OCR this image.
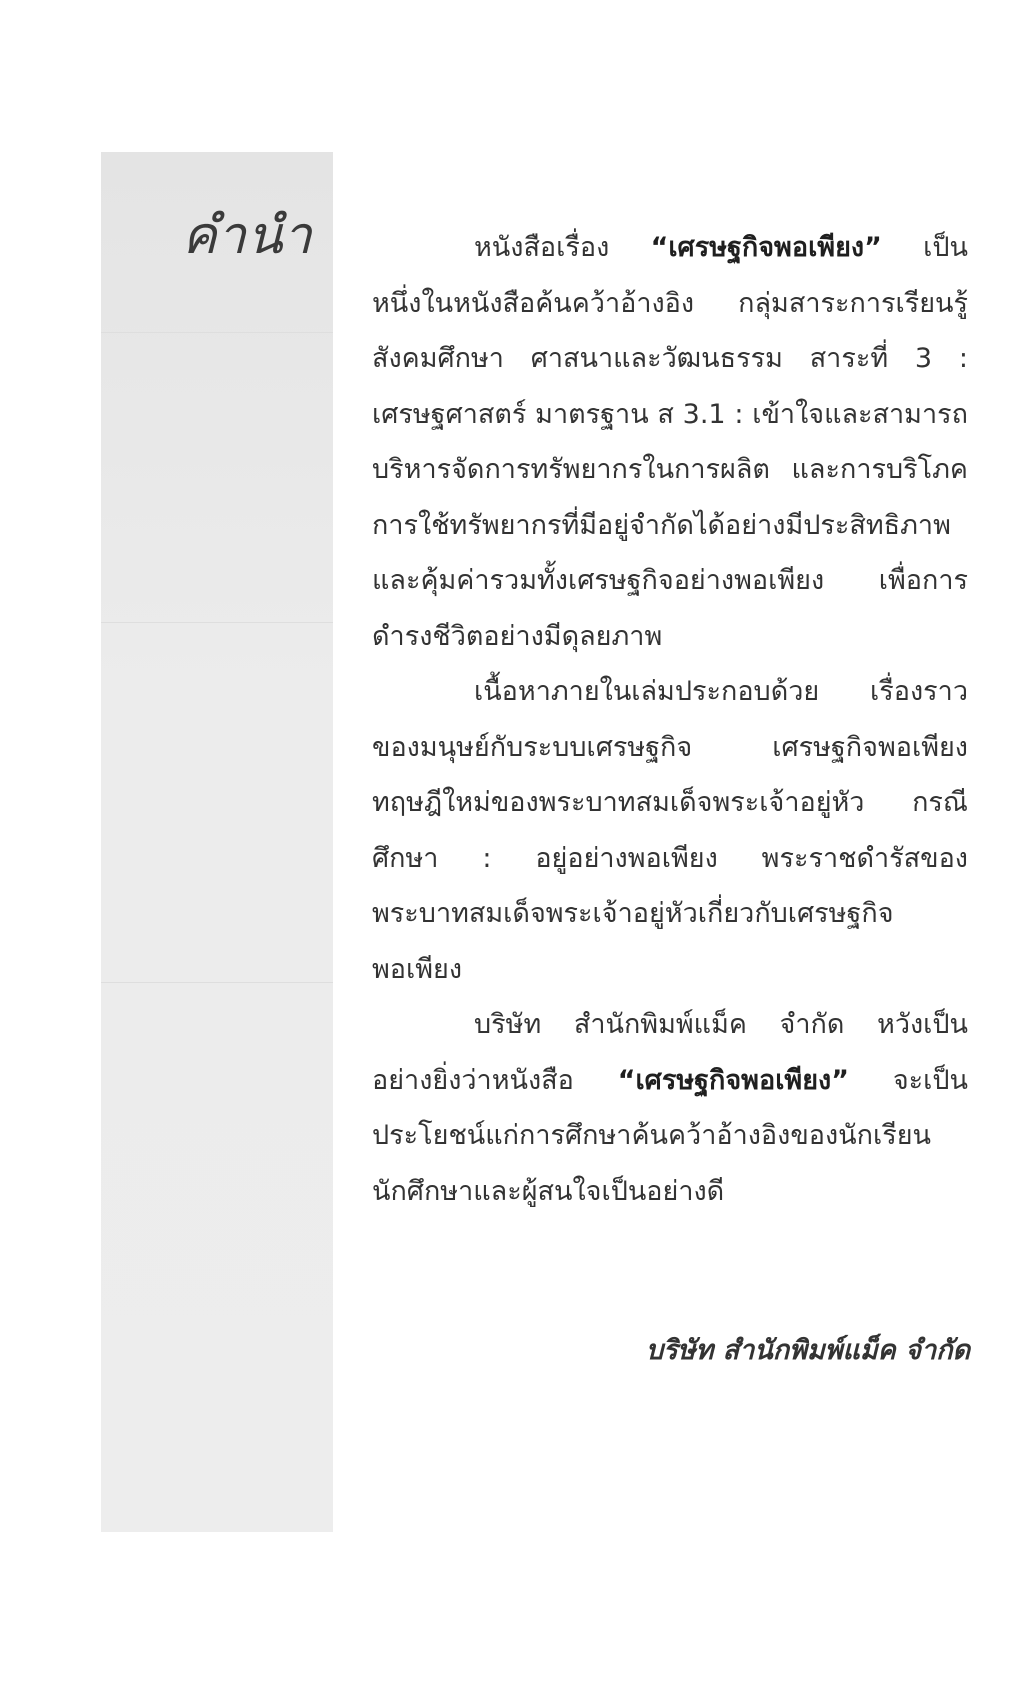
คำนำ	หนังสือเรื่อง “เศรษฐกิจพอเพียง” เป็น
หนึ่งในหนังสือค้นคว้าอ้างอิง กลุ่มสาระการเรียนรู้
สังคมศึกษา ศาสนาและวัฒนธรรม สาระที่ 3 :
เศรษฐศาสตร์ มาตรฐาน ส 3.1 : เข้าใจและสามารถ
บริหารจัดการทรัพยากรในการผลิต และการบริโภค
การใช้ทรัพยากรที่มีอยู่จำกัดได้อย่างมีประสิทธิภาพ
และคุ้มค่ารวมทั้งเศรษฐกิจอย่างพอเพียง เพื่อการ
ดำรงชีวิตอย่างมีดุลยภาพ

เนื้อหาภายในเล่มประกอบด้วย เรื่องราว
ของมนุษย์กับระบบเศรษฐกิจ เศรษฐกิจพอเพียง
ทฤษฎีใหม่ของพระบาทสมเด็จพระเจ้าอยู่หัว กรณี
ศึกษา : อยู่อย่างพอเพียง พระราชดำรัสของ
พระบาทสมเด็จพระเจ้าอยู่หัวเกี่ยวกับเศรษฐกิจ
พอเพียง

บริษัท สำนักพิมพ์แม็ค จำกัด หวังเป็น
อย่างยิ่งว่าหนังสือ “เศรษฐกิจพอเพียง” จะเป็น
ประโยชน์แก่การศึกษาค้นคว้าอ้างอิงของนักเรียน
นักศึกษาและผู้สนใจเป็นอย่างดี

บริษัท สำนักพิมพ์แม็ค จำกัด
